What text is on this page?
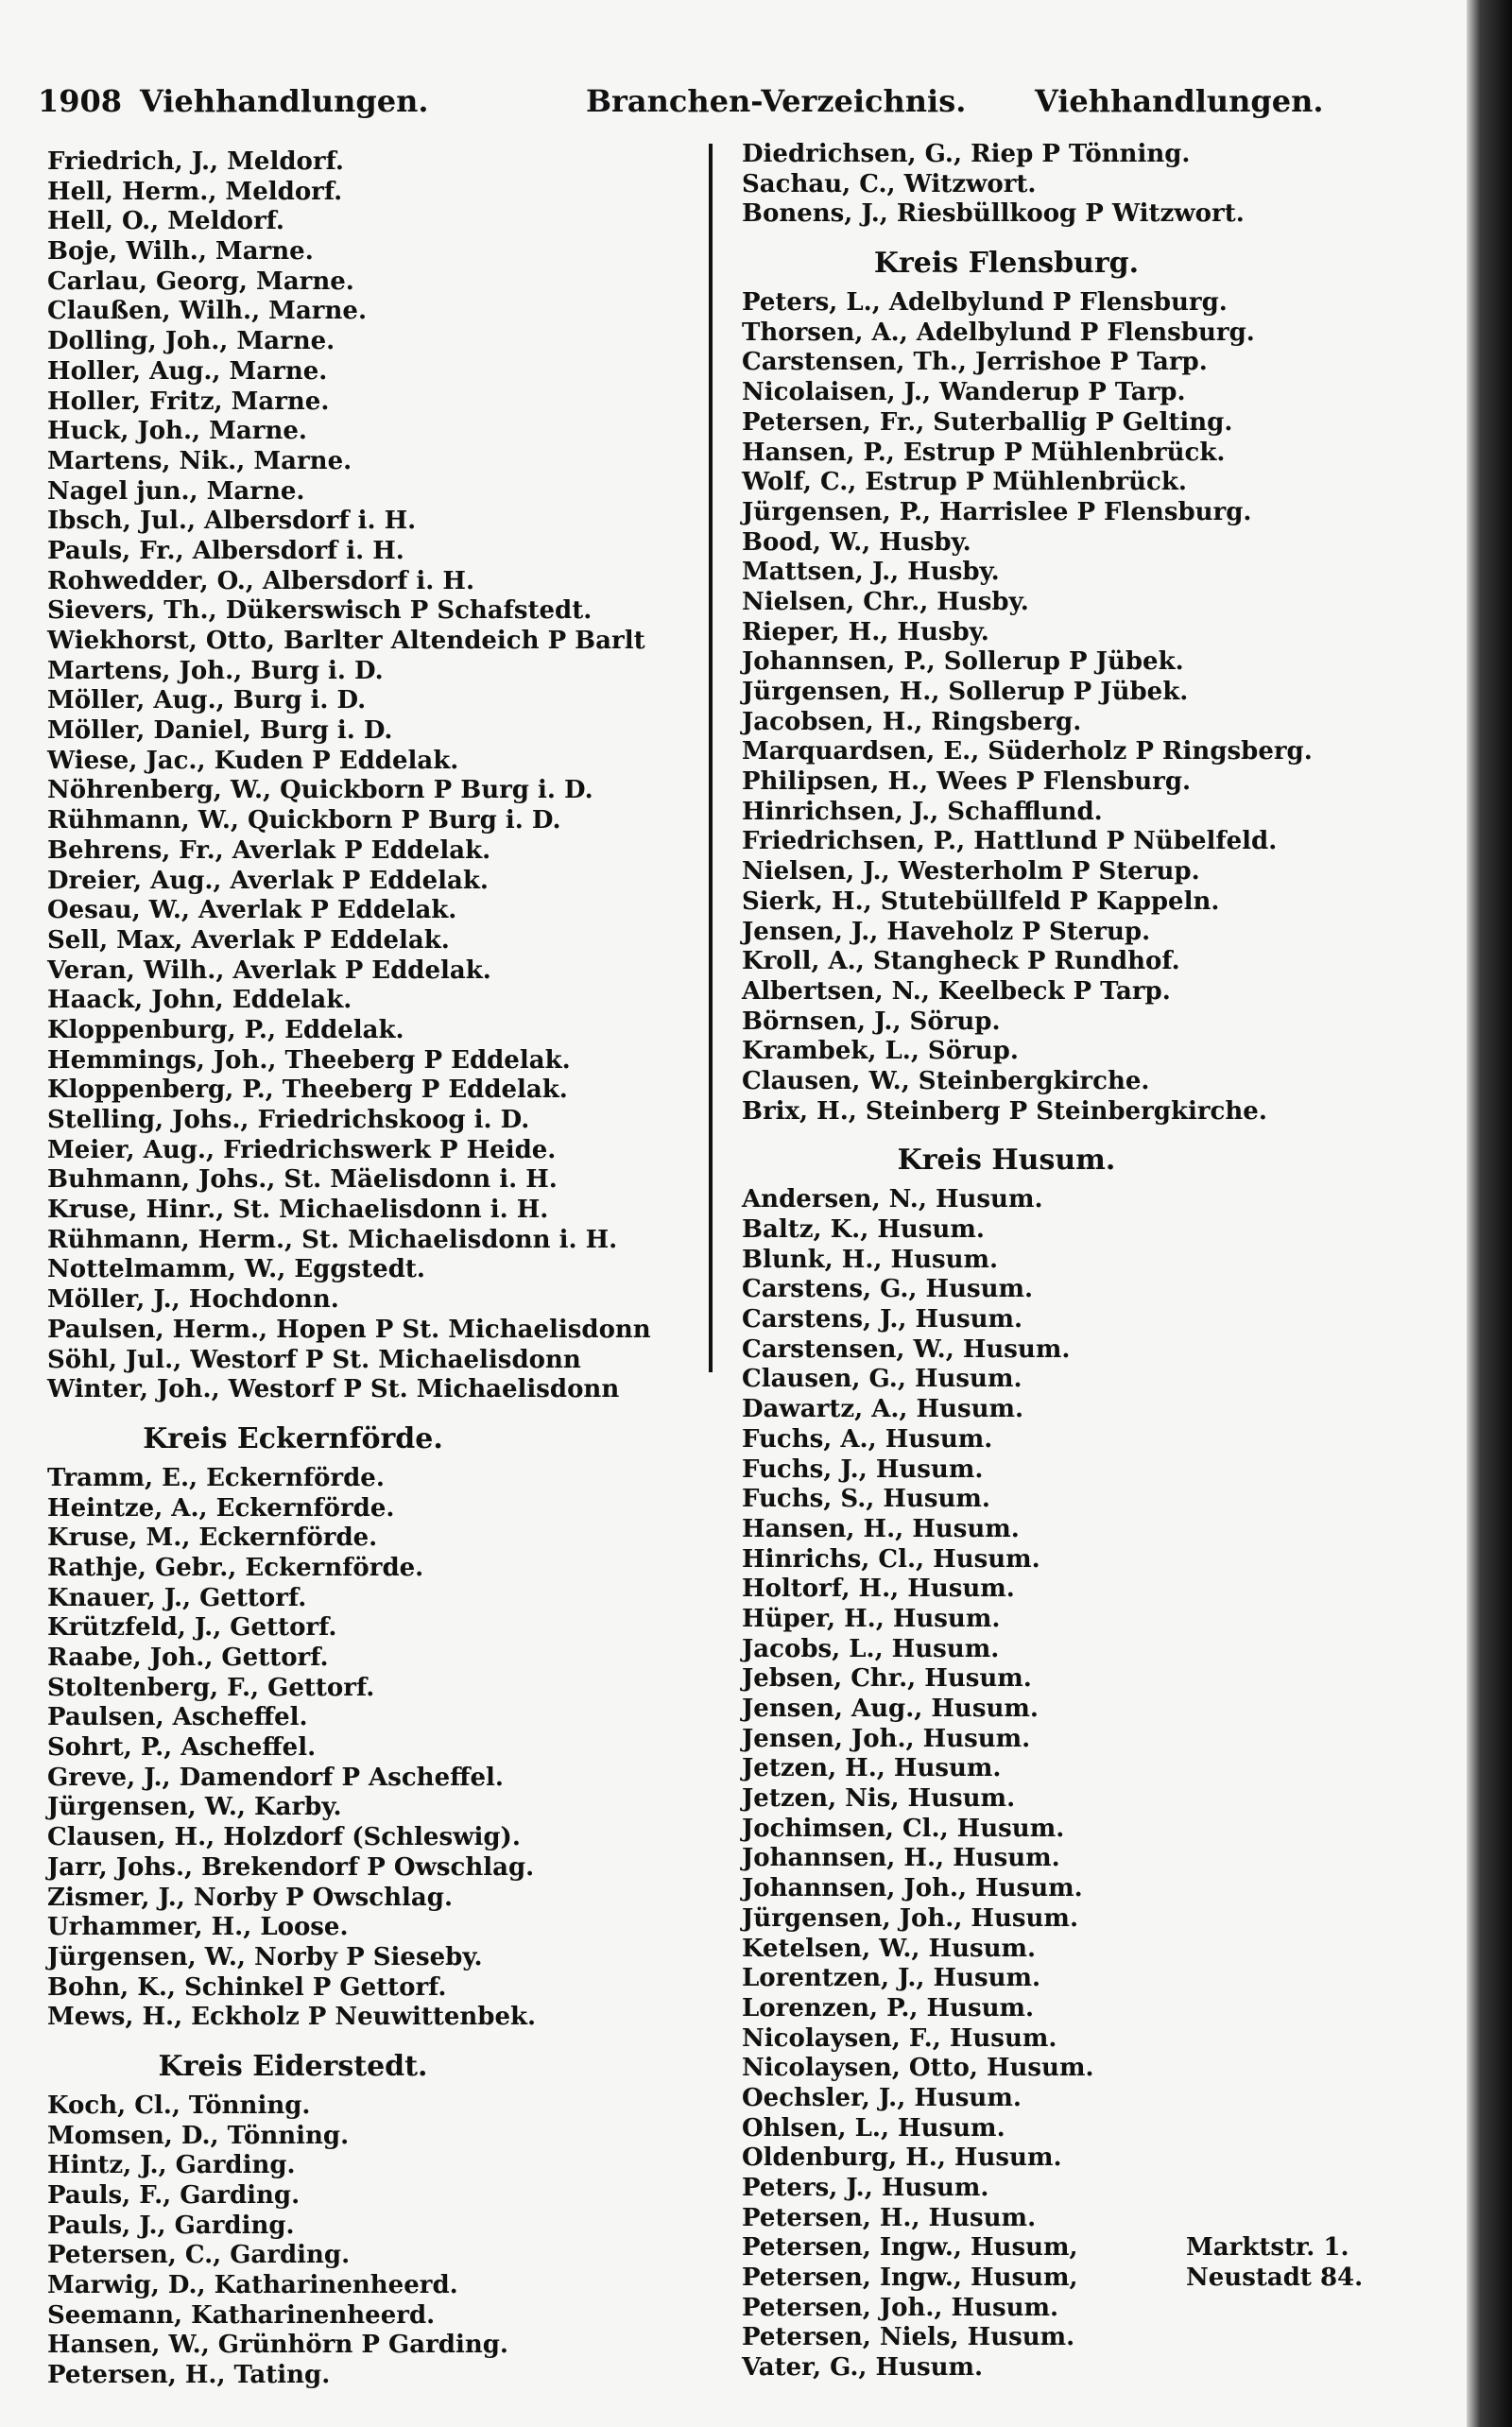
1908 Viehhandlungen.	Branchen-Verzeichnis. Viehhandlungen.
Friedrich, J., Meldorf.
Hell, Herm., Meldorf.
Hell, O., Meldorf.
Boje, Wilh., Marne.
Carlau, Georg, Marne.
Claußen, Wilh., Marne.
Dolling, Joh., Marne.
Holler, Aug., Marne.
Holler, Fritz, Marne.
Huck, Joh., Marne.
Martens, Nik., Marne.
Nagel jun., Marne.
Ibsch, Jul., Albersdorf i. H.
Pauls, Fr., Albersdorf i. H.
Rohwedder, O., Albersdorf i. H.
Sievers, Th., Dükerswisch P Schafstedt.
Wiekhorst, Otto, Barlter Altendeich P Barlt
Martens, Joh., Burg i. D.
Möller, Aug., Burg i. D.
Möller, Daniel, Burg i. D.
Wiese, Jac., Kuden P Eddelak.
Nöhrenberg, W., Quickborn P Burg i. D.
Rühmann, W., Quickborn P Burg i. D.
Behrens, Fr., Averlak P Eddelak.
Dreier, Aug., Averlak P Eddelak.
Oesau, W., Averlak P Eddelak.
Sell, Max, Averlak P Eddelak.
Veran, Wilh., Averlak P Eddelak.
Haack, John, Eddelak.
Kloppenburg, P., Eddelak.
Hemmings, Joh., Theeberg P Eddelak.
Kloppenberg, P., Theeberg P Eddelak.
Stelling, Johs., Friedrichskoog i. D.
Meier, Aug., Friedrichswerk P Heide.
Buhmann, Johs., St. Mäelisdonn i. H.
Kruse, Hinr., St. Michaelisdonn i. H.
Rühmann, Herm., St. Michaelisdonn i. H.
Nottelmamm, W., Eggstedt.
Möller, J., Hochdonn.
Paulsen, Herm., Hopen P St. Michaelisdonn
Söhl, Jul., Westorf P St. Michaelisdonn
Winter, Joh., Westorf P St. Michaelisdonn
Kreis Eckernförde.
Tramm, E., Eckernförde.
Heintze, A., Eckernförde.
Kruse, M., Eckernförde.
Rathje, Gebr., Eckernförde.
Knauer, J., Gettorf.
Krützfeld, J., Gettorf.
Raabe, Joh., Gettorf.
Stoltenberg, F., Gettorf.
Paulsen, Ascheffel.
Sohrt, P., Ascheffel.
Greve, J., Damendorf P Ascheffel.
Jürgensen, W., Karby.
Clausen, H., Holzdorf (Schleswig).
Jarr, Johs., Brekendorf P Owschlag.
Zismer, J., Norby P Owschlag.
Urhammer, H., Loose.
Jürgensen, W., Norby P Sieseby.
Bohn, K., Schinkel P Gettorf.
Mews, H., Eckholz P Neuwittenbek.
Kreis Eiderstedt.
Koch, Cl., Tönning.
Momsen, D., Tönning.
Hintz, J., Garding.
Pauls, F., Garding.
Pauls, J., Garding.
Petersen, C., Garding.
Marwig, D., Katharinenheerd.
Seemann, Katharinenheerd.
Hansen, W., Grünhörn P Garding.
Petersen, H., Tating.
Diedrichsen, G., Riep P Tönning.
Sachau, C., Witzwort.
Bonens, J., Riesbüllkoog P Witzwort.
Kreis Flensburg.
Peters, L., Adelbylund P Flensburg.
Thorsen, A., Adelbylund P Flensburg.
Carstensen, Th., Jerrishoe P Tarp.
Nicolaisen, J., Wanderup P Tarp.
Petersen, Fr., Suterballig P Gelting.
Hansen, P., Estrup P Mühlenbrück.
Wolf, C., Estrup P Mühlenbrück.
Jürgensen, P., Harrislee P Flensburg.
Bood, W., Husby.
Mattsen, J., Husby.
Nielsen, Chr., Husby.
Rieper, H., Husby.
Johannsen, P., Sollerup P Jübek.
Jürgensen, H., Sollerup P Jübek.
Jacobsen, H., Ringsberg.
Marquardsen, E., Süderholz P Ringsberg.
Philipsen, H., Wees P Flensburg.
Hinrichsen, J., Schafflund.
Friedrichsen, P., Hattlund P Nübelfeld.
Nielsen, J., Westerholm P Sterup.
Sierk, H., Stutebüllfeld P Kappeln.
Jensen, J., Haveholz P Sterup.
Kroll, A., Stangheck P Rundhof.
Albertsen, N., Keelbeck P Tarp.
Börnsen, J., Sörup.
Krambek, L., Sörup.
Clausen, W., Steinbergkirche.
Brix, H., Steinberg P Steinbergkirche.
Kreis Husum.
Andersen, N., Husum.
Baltz, K., Husum.
Blunk, H., Husum.
Carstens, G., Husum.
Carstens, J., Husum.
Carstensen, W., Husum.
Clausen, G., Husum.
Dawartz, A., Husum.
Fuchs, A., Husum.
Fuchs, J., Husum.
Fuchs, S., Husum.
Hansen, H., Husum.
Hinrichs, Cl., Husum.
Holtorf, H., Husum.
Hüper, H., Husum.
Jacobs, L., Husum.
Jebsen, Chr., Husum.
Jensen, Aug., Husum.
Jensen, Joh., Husum.
Jetzen, H., Husum.
Jetzen, Nis, Husum.
Jochimsen, Cl., Husum.
Johannsen, H., Husum.
Johannsen, Joh., Husum.
Jürgensen, Joh., Husum.
Ketelsen, W., Husum.
Lorentzen, J., Husum.
Lorenzen, P., Husum.
Nicolaysen, F., Husum.
Nicolaysen, Otto, Husum.
Oechsler, J., Husum.
Ohlsen, L., Husum.
Oldenburg, H., Husum.
Peters, J., Husum.
Petersen, H., Husum.
Petersen, Ingw., Husum,	Marktstr. 1.
Petersen, Ingw., Husum,	Neustadt 84.
Petersen, Joh., Husum.
Petersen, Niels, Husum.
Vater, G., Husum.
